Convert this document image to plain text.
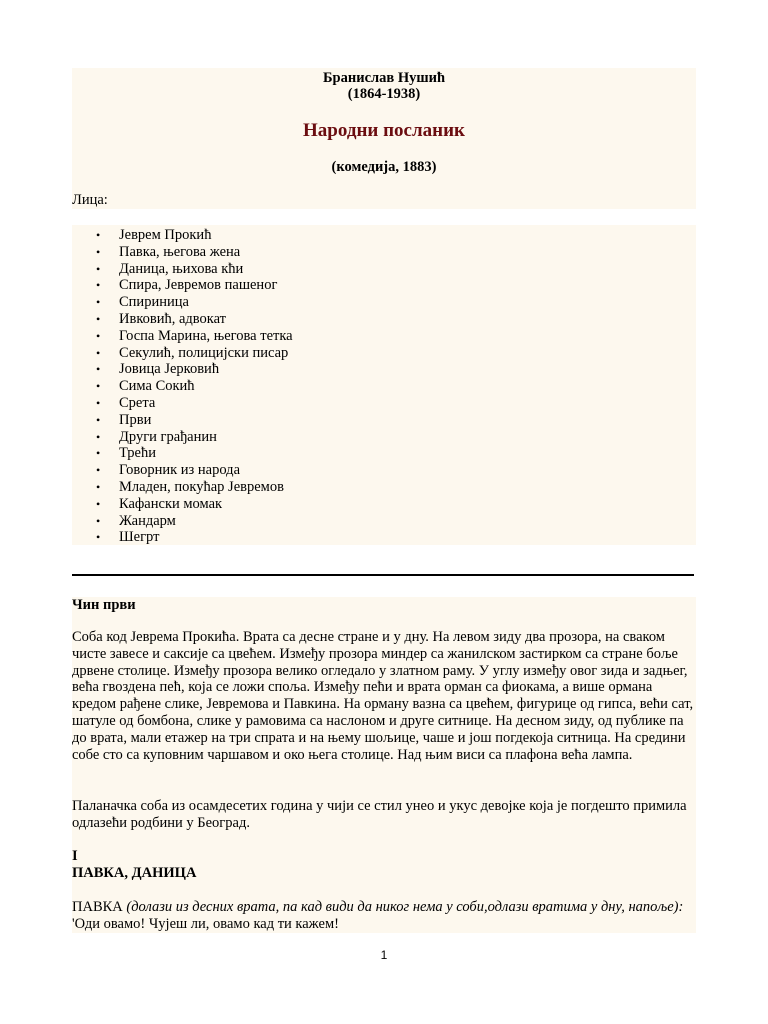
Бранислав Нушић
(1864-1938)
Народни посланик
(комедија, 1883)
Лица:
• Јеврем Прокић
• Павка, његова жена
• Даница, њихова кћи
• Спира, Јевремов пашеног
• Спириница
• Ивковић, адвокат
• Госпа Марина, његова тетка
• Секулић, полицијски писар
• Јовица Јерковић
• Сима Сокић
• Срета
• Први
• Други грађанин
• Трећи
• Говорник из народа
• Младен, покућар Јевремов
• Кафански момак
• Жандарм
• Шегрт
Чин први
Соба код Јеврема Прокића. Врата са десне стране и у дну. На левом зиду два прозора, на сваком чисте завесе и саксије са цвећем. Између прозора миндер са жанилском застирком са стране боље дрвене столице. Између прозора велико огледало у златном раму. У углу између овог зида и задњег, већа гвоздена пећ, која се ложи споља. Између пећи и врата орман са фиокама, а више ормана кредом рађене слике, Јевремова и Павкина. На орману вазна са цвећем, фигурице од гипса, већи сат, шатуле од бомбона, слике у рамовима са наслоном и друге ситнице. На десном зиду, од публике па до врата, мали етажер на три спрата и на њему шољице, чаше и још погдекоја ситница. На средини собе сто са куповним чаршавом и око њега столице. Над њим виси са плафона већа лампа.
Паланачка соба из осамдесетих година у чији се стил унео и укус девојке која је погдешто примила одлазећи родбини у Београд.
I
ПАВКА, ДАНИЦА
ПАВКА (долази из десних врата, па кад види да никог нема у соби,одлази вратима у дну, напоље): 'Оди овамо! Чујеш ли, овамо кад ти кажем!
1
